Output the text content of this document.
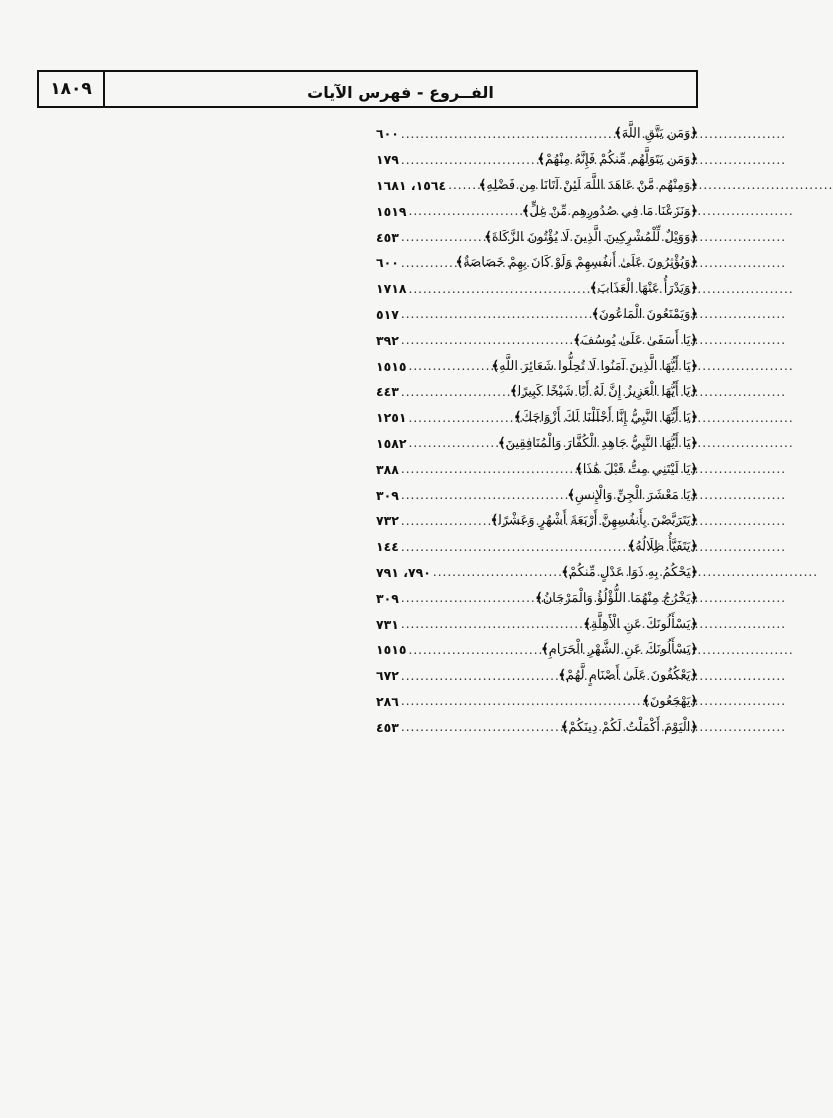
١٨٠٩	الفــروع - فهرس الآيات
﴿
وَمَن يَتَّقِ اللَّهَ
﴾
.....
٦٠٠
﴿
وَمَن يَتَوَلَّهُم مِّنكُمْ فَإِنَّهُ مِنْهُمْ
﴾
.....
١٧٩
﴿
وَمِنْهُم مَّنْ عَاهَدَ اللَّهَ لَئِنْ آتَانَا مِن فَضْلِهِ
﴾
.....
١٥٦٤، ١٦٨١
﴿
وَنَزَعْنَا مَا فِي صُدُورِهِم مِّنْ غِلٍّ
﴾
.....
١٥١٩
﴿
وَوَيْلٌ لِّلْمُشْرِكِينَ الَّذِينَ لَا يُؤْتُونَ الزَّكَاةَ
﴾
.....
٤٥٣
﴿
وَيُؤْثِرُونَ عَلَىٰ أَنفُسِهِمْ وَلَوْ كَانَ بِهِمْ خَصَاصَةٌ
﴾
.....
٦٠٠
﴿
وَيَدْرَأُ عَنْهَا الْعَذَابَ
﴾
.....
١٧١٨
﴿
وَيَمْنَعُونَ الْمَاعُونَ
﴾
.....
٥١٧
﴿
يَا أَسَفَىٰ عَلَىٰ يُوسُفَ
﴾
.....
٣٩٢
﴿
يَا أَيُّهَا الَّذِينَ آمَنُوا لَا تُحِلُّوا شَعَائِرَ اللَّهِ
﴾
.....
١٥١٥
﴿
يَا أَيُّهَا الْعَزِيزُ إِنَّ لَهُ أَبًا شَيْخًا كَبِيرًا
﴾
.....
٤٤٣
﴿
يَا أَيُّهَا النَّبِيُّ إِنَّا أَحْلَلْنَا لَكَ أَزْوَاجَكَ
﴾
.....
١٢٥١
﴿
يَا أَيُّهَا النَّبِيُّ جَاهِدِ الْكُفَّارَ وَالْمُنَافِقِينَ
﴾
.....
١٥٨٢
﴿
يَا لَيْتَنِي مِتُّ قَبْلَ هَٰذَا
﴾
.....
٣٨٨
﴿
يَا مَعْشَرَ الْجِنِّ وَالْإِنسِ
﴾
.....
٣٠٩
﴿
يَتَرَبَّصْنَ بِأَنفُسِهِنَّ أَرْبَعَةَ أَشْهُرٍ وَعَشْرًا
﴾
.....
٧٣٢
﴿
يَتَفَيَّأُ ظِلَالُهُ
﴾
.....
١٤٤
﴿
يَحْكُمُ بِهِ ذَوَا عَدْلٍ مِّنكُمْ
﴾
.....
٧٩٠، ٧٩١
﴿
يَخْرُجُ مِنْهُمَا اللُّؤْلُؤُ وَالْمَرْجَانُ
﴾
.....
٣٠٩
﴿
يَسْأَلُونَكَ عَنِ الْأَهِلَّةِ
﴾
.....
٧٣١
﴿
يَسْأَلُونَكَ عَنِ الشَّهْرِ الْحَرَامِ
﴾
.....
١٥١٥
﴿
يَعْكُفُونَ عَلَىٰ أَصْنَامٍ لَّهُمْ
﴾
.....
٦٧٢
﴿
يَهْجَعُونَ
﴾
.....
٢٨٦
﴿
الْيَوْمَ أَكْمَلْتُ لَكُمْ دِينَكُمْ
﴾
.....
٤٥٣
